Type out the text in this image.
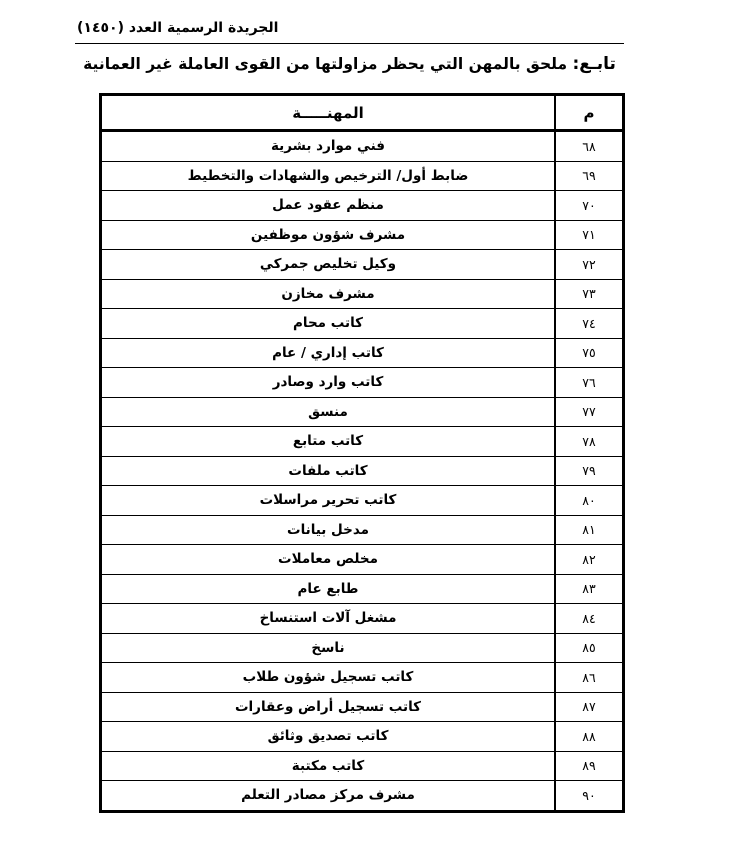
الجريدة الرسمية العدد (١٤٥٠)
تابـع: ملحق بالمهن التي يحظر مزاولتها من القوى العاملة غير العمانية
م	المهنـــــة
٦٨	فني موارد بشرية
٦٩	ضابط أول/ الترخيص والشهادات والتخطيط
٧٠	منظم عقود عمل
٧١	مشرف شؤون موظفين
٧٢	وكيل تخليص جمركي
٧٣	مشرف مخازن
٧٤	كاتب محام
٧٥	كاتب إداري / عام
٧٦	كاتب وارد وصادر
٧٧	منسق
٧٨	كاتب متابع
٧٩	كاتب ملفات
٨٠	كاتب تحرير مراسلات
٨١	مدخل بيانات
٨٢	مخلص معاملات
٨٣	طابع عام
٨٤	مشغل آلات استنساخ
٨٥	ناسخ
٨٦	كاتب تسجيل شؤون طلاب
٨٧	كاتب تسجيل أراض وعقارات
٨٨	كاتب تصديق وثائق
٨٩	كاتب مكتبة
٩٠	مشرف مركز مصادر التعلم
